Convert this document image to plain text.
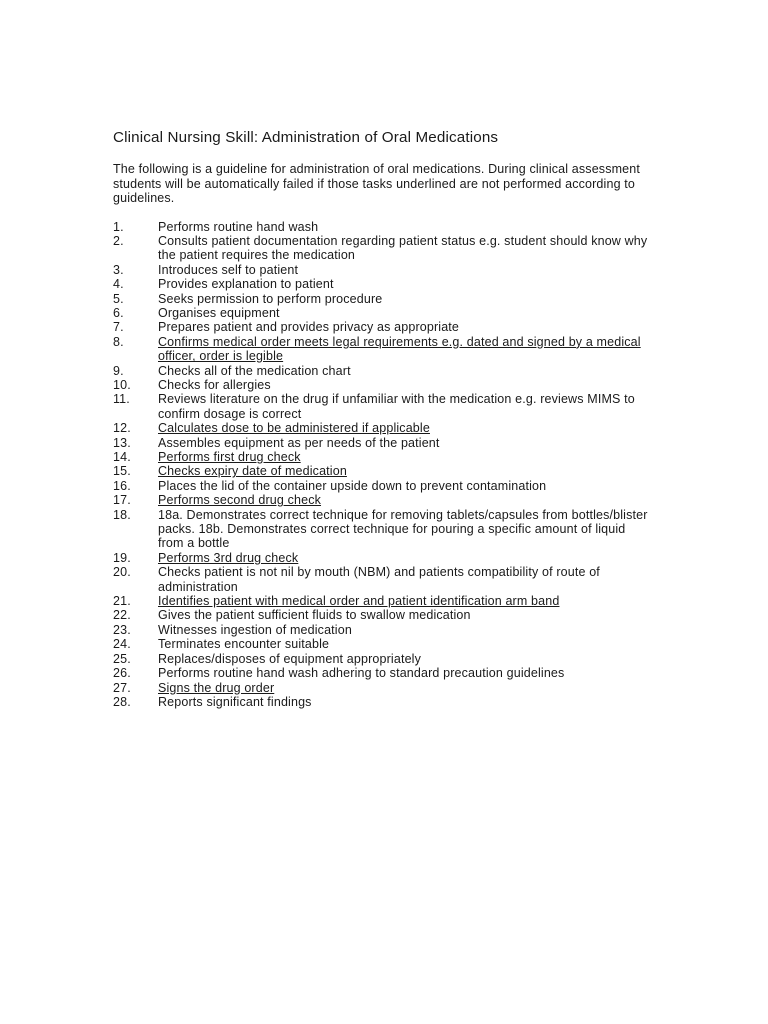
Clinical Nursing Skill: Administration of Oral Medications

The following is a guideline for administration of oral medications. During clinical assessment students will be automatically failed if those tasks underlined are not performed according to guidelines.

1.	Performs routine hand wash
2.	Consults patient documentation regarding patient status e.g. student should know why the patient requires the medication
3.	Introduces self to patient
4.	Provides explanation to patient
5.	Seeks permission to perform procedure
6.	Organises equipment
7.	Prepares patient and provides privacy as appropriate
8.	Confirms medical order meets legal requirements e.g. dated and signed by a medical officer, order is legible
9.	Checks all of the medication chart
10.	Checks for allergies
11.	Reviews literature on the drug if unfamiliar with the medication e.g. reviews MIMS to confirm dosage is correct
12.	Calculates dose to be administered if applicable
13.	Assembles equipment as per needs of the patient
14.	Performs first drug check
15.	Checks expiry date of medication
16.	Places the lid of the container upside down to prevent contamination
17.	Performs second drug check
18.	18a. Demonstrates correct technique for removing tablets/capsules from bottles/blister packs. 18b. Demonstrates correct technique for pouring a specific amount of liquid from a bottle
19.	Performs 3rd drug check
20.	Checks patient is not nil by mouth (NBM) and patients compatibility of route of administration
21.	Identifies patient with medical order and patient identification arm band
22.	Gives the patient sufficient fluids to swallow medication
23.	Witnesses ingestion of medication
24.	Terminates encounter suitable
25.	Replaces/disposes of equipment appropriately
26.	Performs routine hand wash adhering to standard precaution guidelines
27.	Signs the drug order
28.	Reports significant findings
